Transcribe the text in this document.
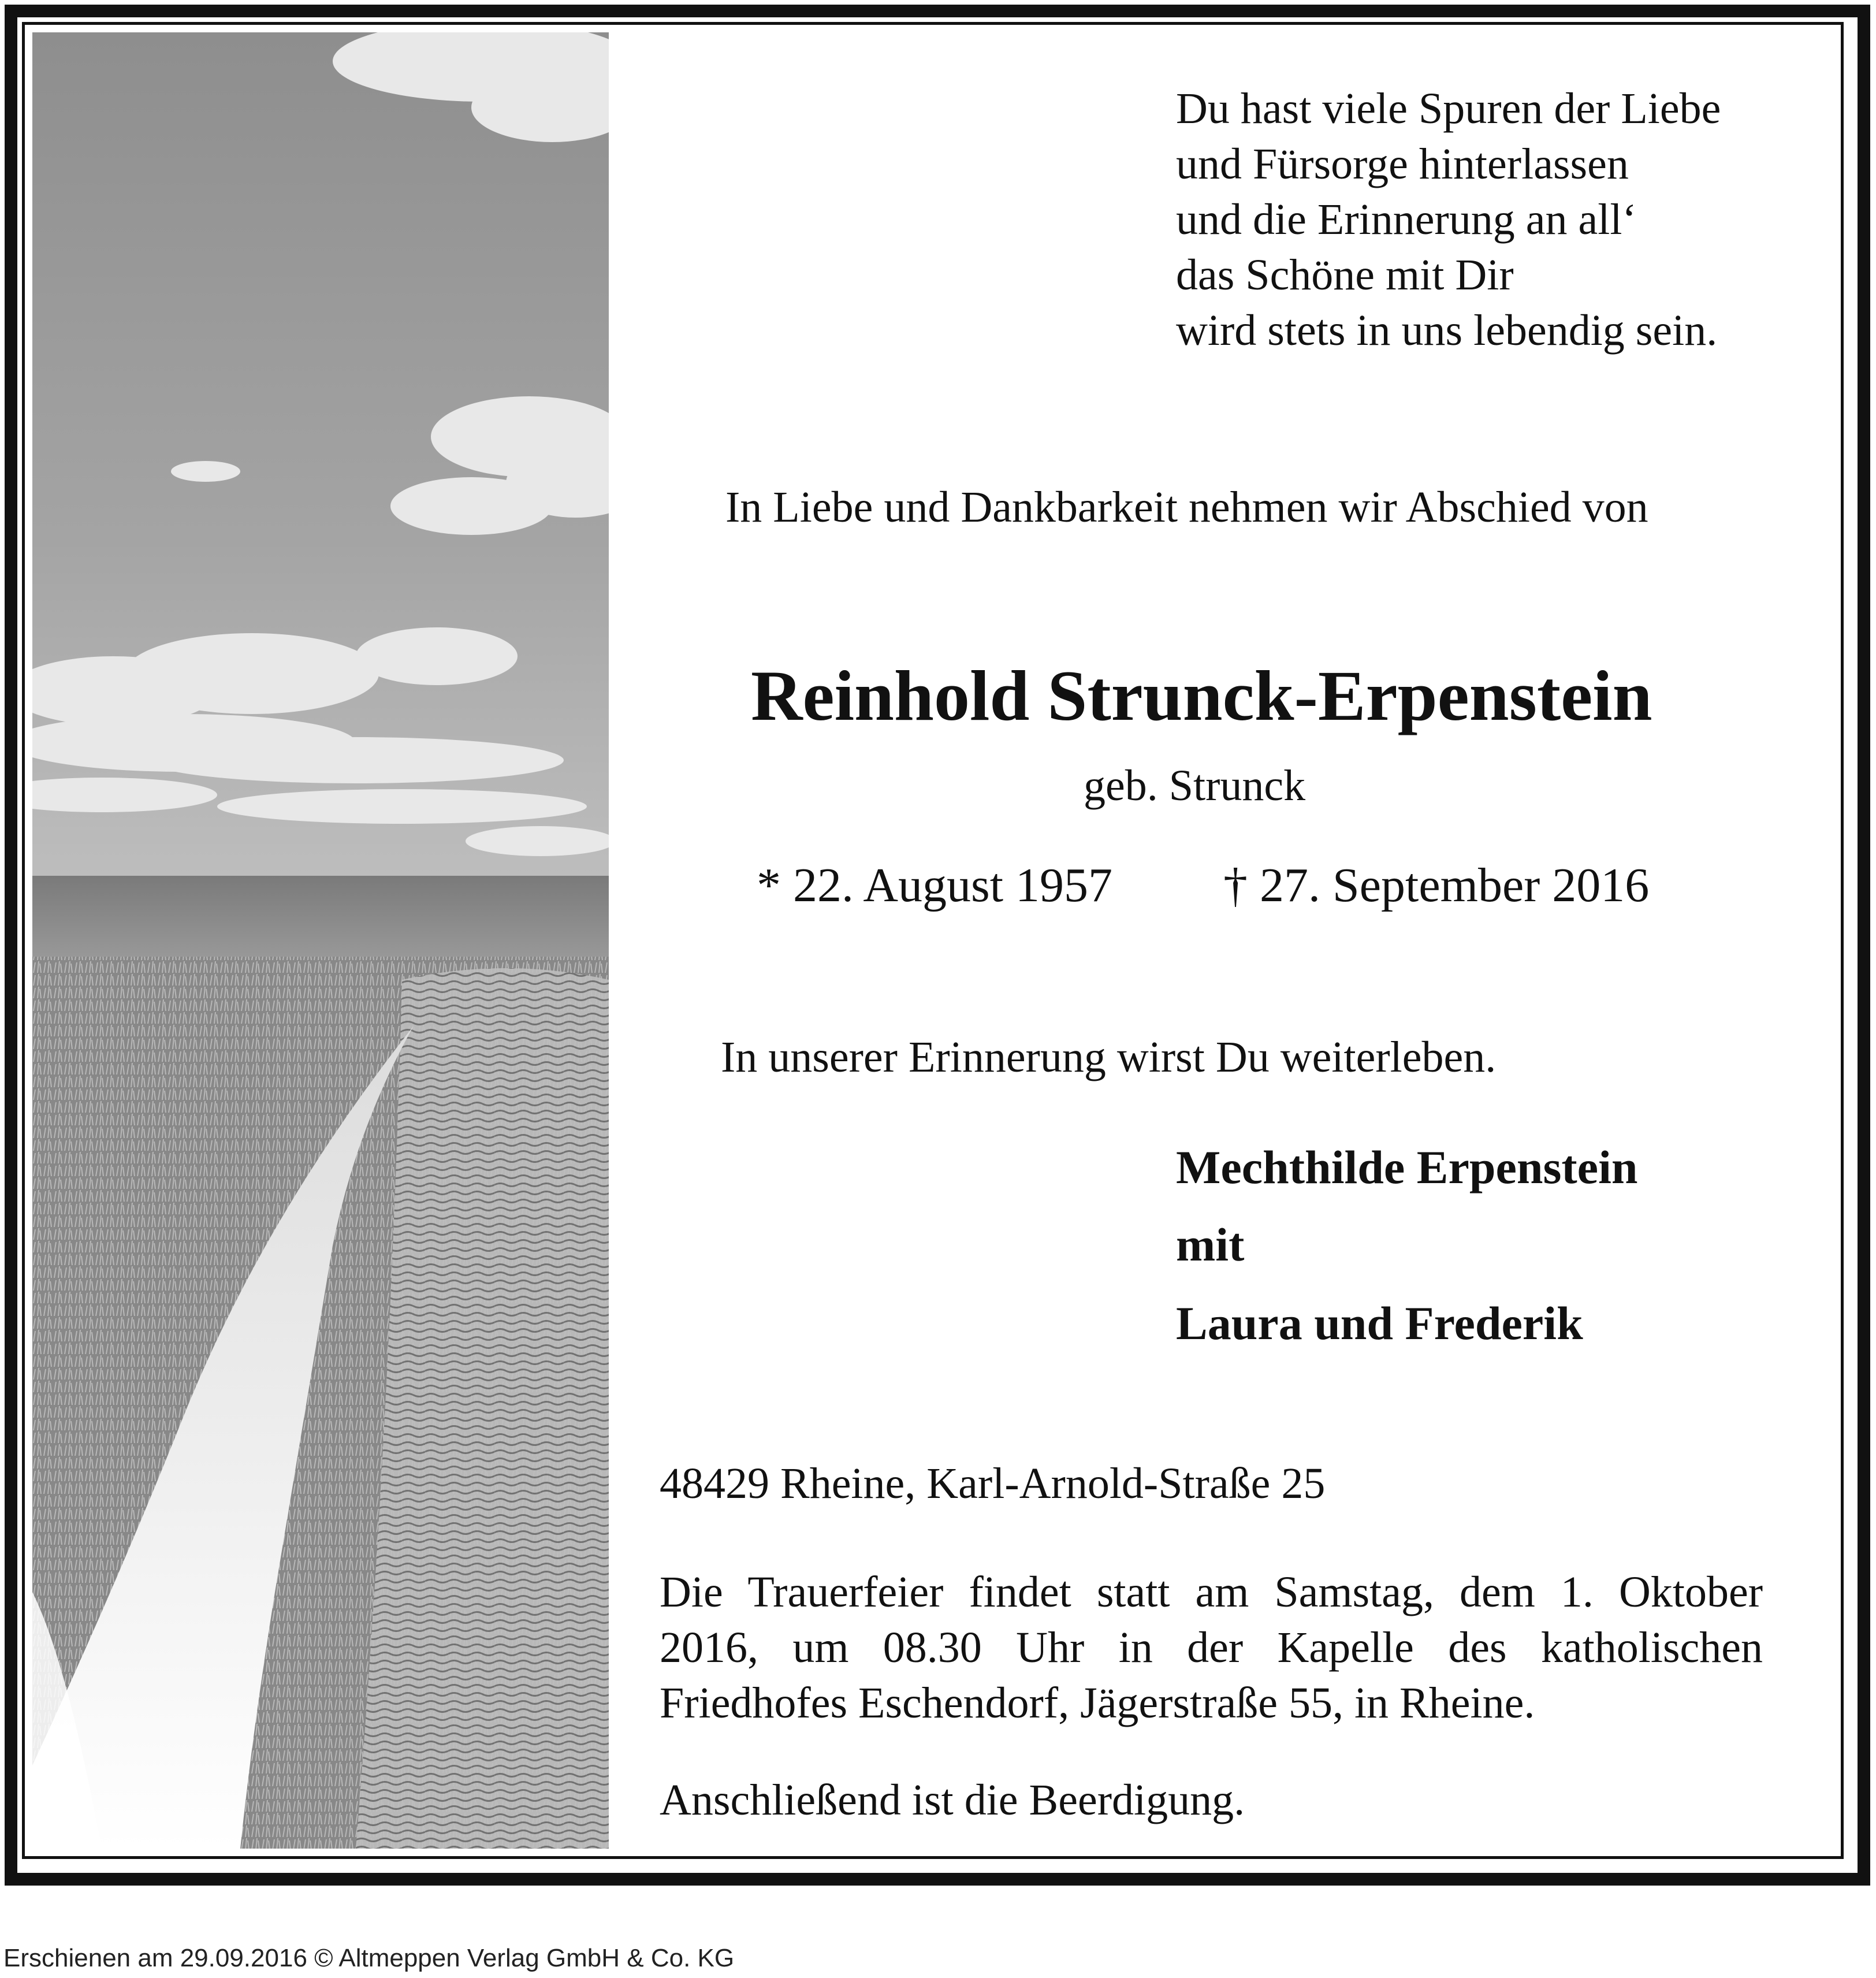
Du hast viele Spuren der Liebe
und Fürsorge hinterlassen
und die Erinnerung an all‘
das Schöne mit Dir
wird stets in uns lebendig sein.
In Liebe und Dankbarkeit nehmen wir Abschied von
Reinhold Strunck-Erpenstein
geb. Strunck
* 22. August 1957 † 27. September 2016
In unserer Erinnerung wirst Du weiterleben.
Mechthilde Erpenstein
mit
Laura und Frederik
48429 Rheine, Karl-Arnold-Straße 25
Die Trauerfeier findet statt am Samstag, dem 1. Oktober
2016, um 08.30 Uhr in der Kapelle des katholischen
Friedhofes Eschendorf, Jägerstraße 55, in Rheine.
Anschließend ist die Beerdigung.
Erschienen am 29.09.2016 © Altmeppen Verlag GmbH & Co. KG
